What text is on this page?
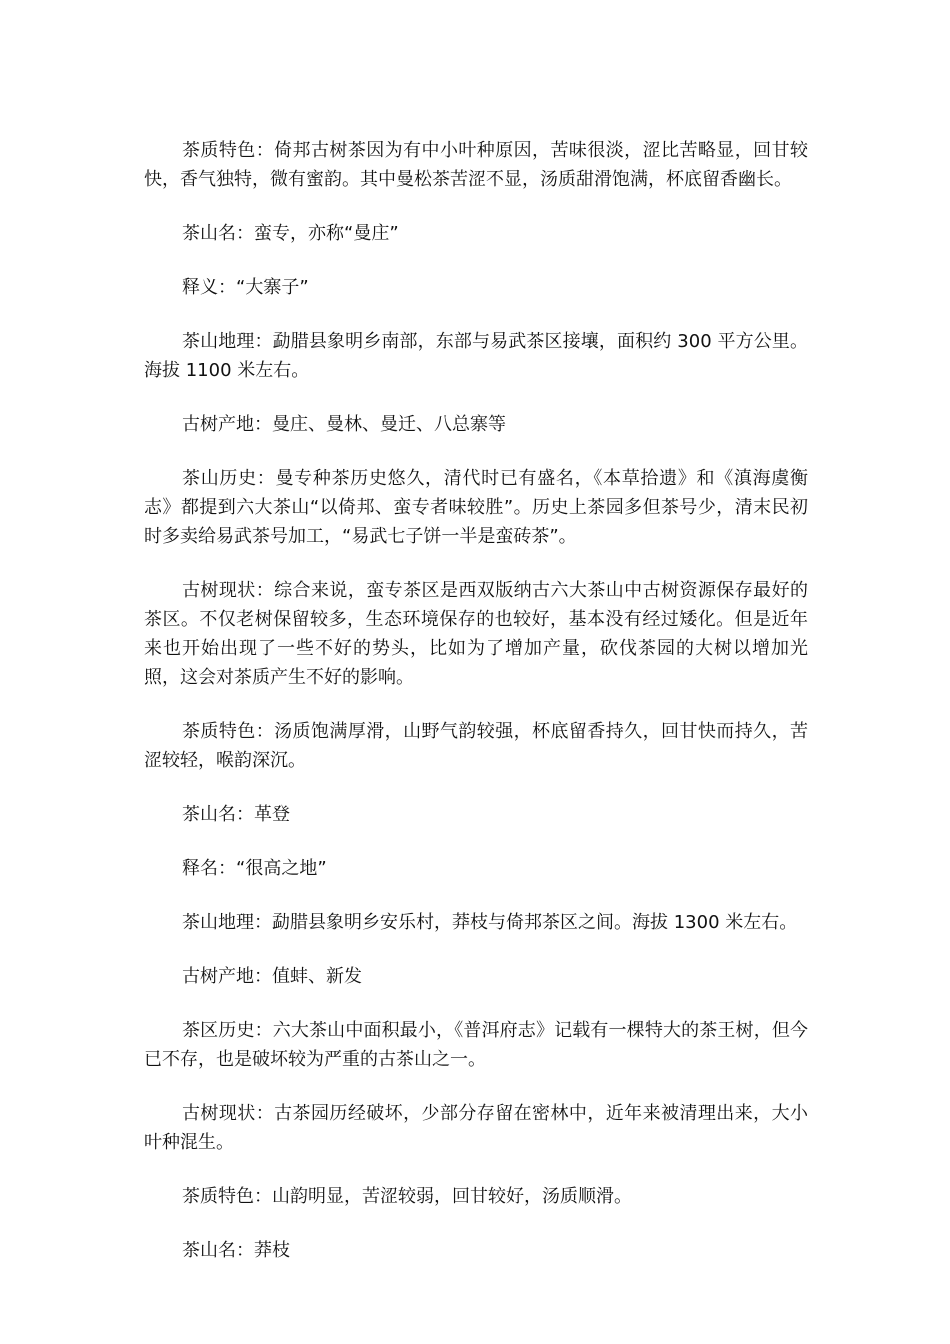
茶质特色：倚邦古树茶因为有中小叶种原因，苦味很淡，涩比苦略显，回甘较快，香气独特，微有蜜韵。其中曼松茶苦涩不显，汤质甜滑饱满，杯底留香幽长。

茶山名：蛮专，亦称“曼庄”

释义：“大寨子”

茶山地理：勐腊县象明乡南部，东部与易武茶区接壤，面积约 300 平方公里。海拔 1100 米左右。

古树产地：曼庄、曼林、曼迁、八总寨等

茶山历史：曼专种茶历史悠久，清代时已有盛名，《本草拾遗》和《滇海虞衡志》都提到六大茶山“以倚邦、蛮专者味较胜”。历史上茶园多但茶号少，清末民初时多卖给易武茶号加工，“易武七子饼一半是蛮砖茶”。

古树现状：综合来说，蛮专茶区是西双版纳古六大茶山中古树资源保存最好的茶区。不仅老树保留较多，生态环境保存的也较好，基本没有经过矮化。但是近年来也开始出现了一些不好的势头，比如为了增加产量，砍伐茶园的大树以增加光照，这会对茶质产生不好的影响。

茶质特色：汤质饱满厚滑，山野气韵较强，杯底留香持久，回甘快而持久，苦涩较轻，喉韵深沉。

茶山名：革登

释名：“很高之地”

茶山地理：勐腊县象明乡安乐村，莽枝与倚邦茶区之间。海拔 1300 米左右。

古树产地：值蚌、新发

茶区历史：六大茶山中面积最小，《普洱府志》记载有一棵特大的茶王树，但今已不存，也是破坏较为严重的古茶山之一。

古树现状：古茶园历经破坏，少部分存留在密林中，近年来被清理出来，大小叶种混生。

茶质特色：山韵明显，苦涩较弱，回甘较好，汤质顺滑。

茶山名：莽枝
